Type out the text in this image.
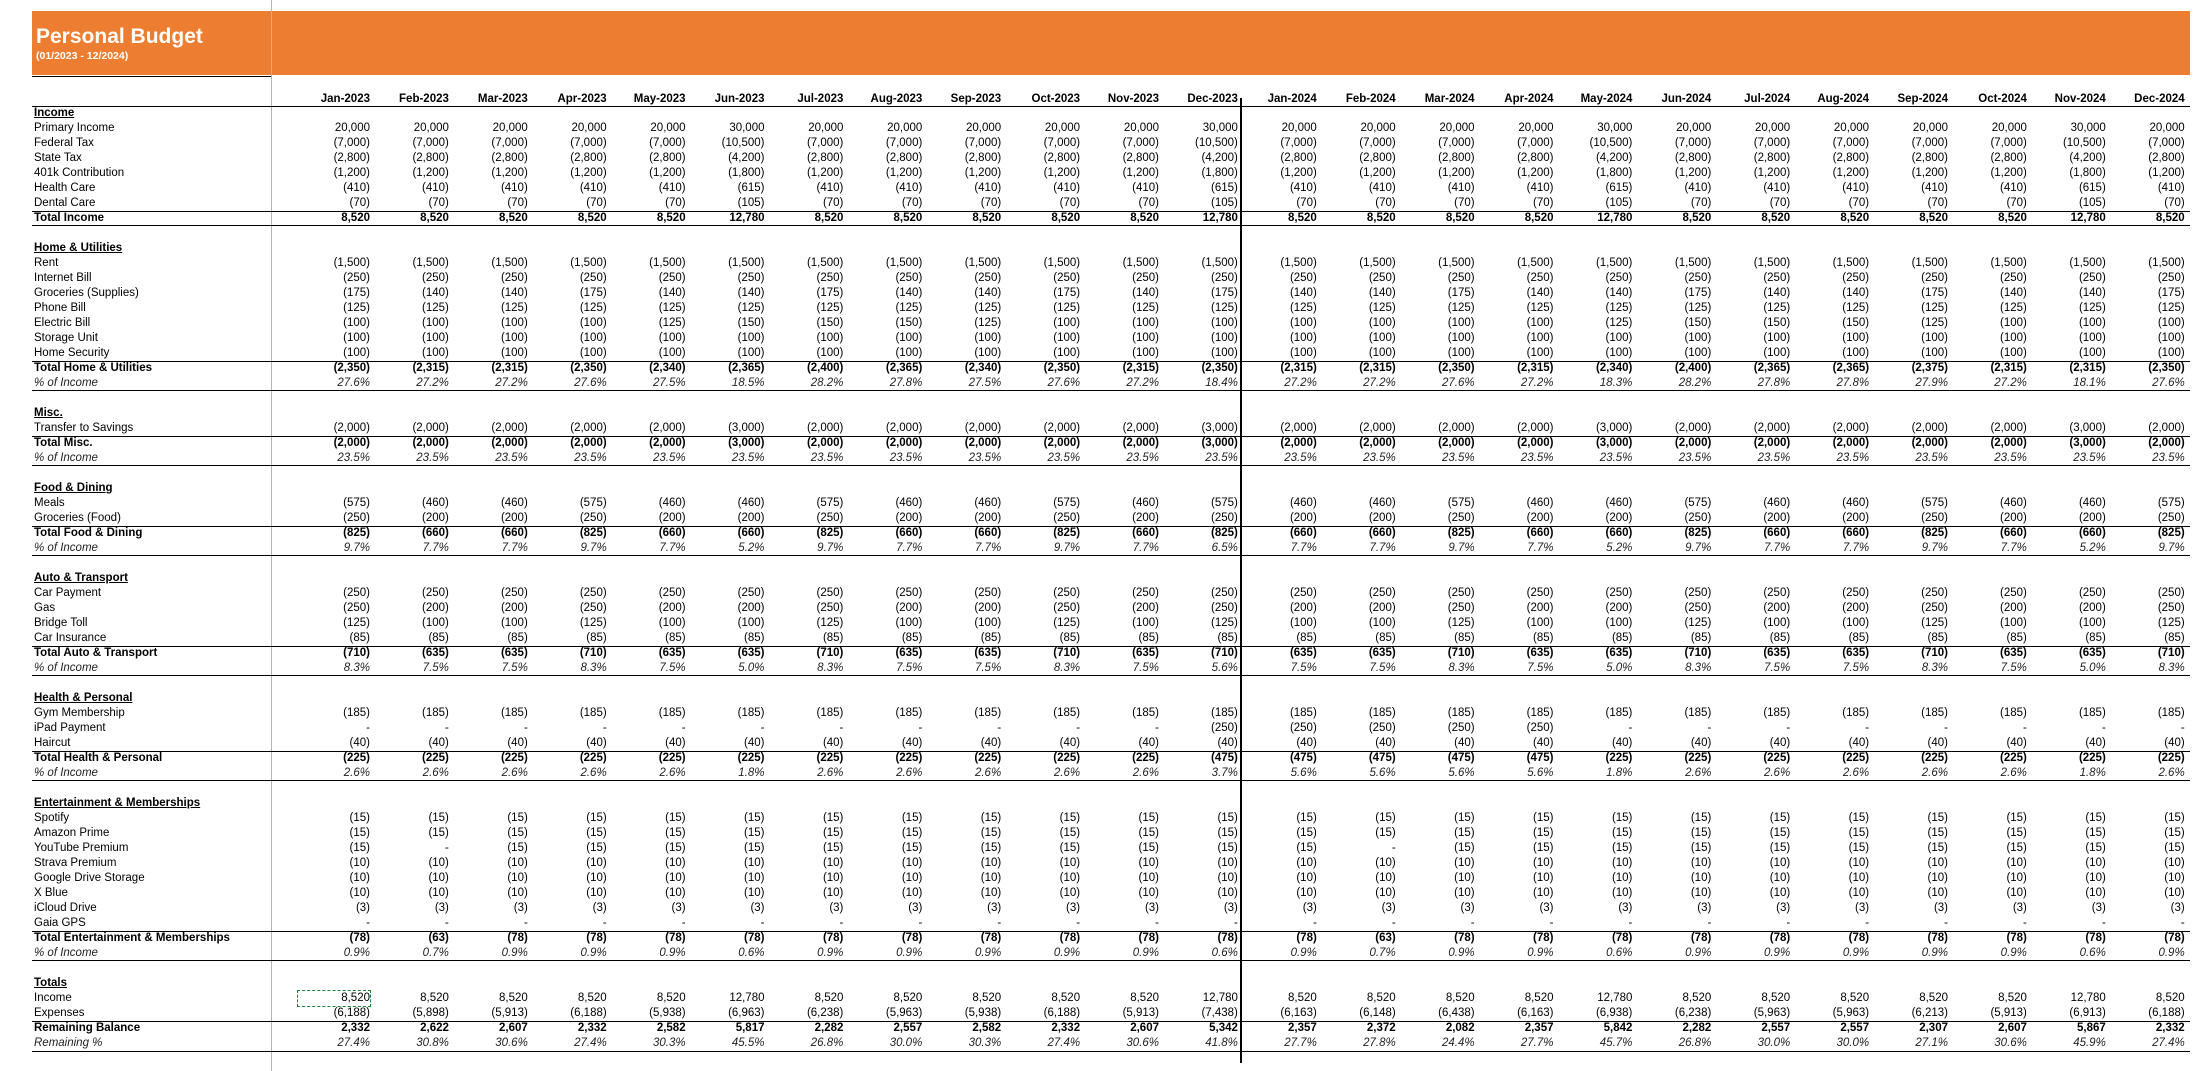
Personal Budget
(01/2023 - 12/2024)
Jan-2023	Feb-2023	Mar-2023	Apr-2023	May-2023	Jun-2023	Jul-2023	Aug-2023	Sep-2023	Oct-2023	Nov-2023	Dec-2023	Jan-2024	Feb-2024	Mar-2024	Apr-2024	May-2024	Jun-2024	Jul-2024	Aug-2024	Sep-2024	Oct-2024	Nov-2024	Dec-2024
Income
Primary Income	20,000	20,000	20,000	20,000	20,000	30,000	20,000	20,000	20,000	20,000	20,000	30,000	20,000	20,000	20,000	20,000	30,000	20,000	20,000	20,000	20,000	20,000	30,000	20,000
Federal Tax	(7,000)	(7,000)	(7,000)	(7,000)	(7,000)	(10,500)	(7,000)	(7,000)	(7,000)	(7,000)	(7,000)	(10,500)	(7,000)	(7,000)	(7,000)	(7,000)	(10,500)	(7,000)	(7,000)	(7,000)	(7,000)	(7,000)	(10,500)	(7,000)
State Tax	(2,800)	(2,800)	(2,800)	(2,800)	(2,800)	(4,200)	(2,800)	(2,800)	(2,800)	(2,800)	(2,800)	(4,200)	(2,800)	(2,800)	(2,800)	(2,800)	(4,200)	(2,800)	(2,800)	(2,800)	(2,800)	(2,800)	(4,200)	(2,800)
401k Contribution	(1,200)	(1,200)	(1,200)	(1,200)	(1,200)	(1,800)	(1,200)	(1,200)	(1,200)	(1,200)	(1,200)	(1,800)	(1,200)	(1,200)	(1,200)	(1,200)	(1,800)	(1,200)	(1,200)	(1,200)	(1,200)	(1,200)	(1,800)	(1,200)
Health Care	(410)	(410)	(410)	(410)	(410)	(615)	(410)	(410)	(410)	(410)	(410)	(615)	(410)	(410)	(410)	(410)	(615)	(410)	(410)	(410)	(410)	(410)	(615)	(410)
Dental Care	(70)	(70)	(70)	(70)	(70)	(105)	(70)	(70)	(70)	(70)	(70)	(105)	(70)	(70)	(70)	(70)	(105)	(70)	(70)	(70)	(70)	(70)	(105)	(70)
Total Income	8,520	8,520	8,520	8,520	8,520	12,780	8,520	8,520	8,520	8,520	8,520	12,780	8,520	8,520	8,520	8,520	12,780	8,520	8,520	8,520	8,520	8,520	12,780	8,520
Home & Utilities
Rent	(1,500)	(1,500)	(1,500)	(1,500)	(1,500)	(1,500)	(1,500)	(1,500)	(1,500)	(1,500)	(1,500)	(1,500)	(1,500)	(1,500)	(1,500)	(1,500)	(1,500)	(1,500)	(1,500)	(1,500)	(1,500)	(1,500)	(1,500)	(1,500)
Internet Bill	(250)	(250)	(250)	(250)	(250)	(250)	(250)	(250)	(250)	(250)	(250)	(250)	(250)	(250)	(250)	(250)	(250)	(250)	(250)	(250)	(250)	(250)	(250)	(250)
Groceries (Supplies)	(175)	(140)	(140)	(175)	(140)	(140)	(175)	(140)	(140)	(175)	(140)	(175)	(140)	(140)	(175)	(140)	(140)	(175)	(140)	(140)	(175)	(140)	(140)	(175)
Phone Bill	(125)	(125)	(125)	(125)	(125)	(125)	(125)	(125)	(125)	(125)	(125)	(125)	(125)	(125)	(125)	(125)	(125)	(125)	(125)	(125)	(125)	(125)	(125)	(125)
Electric Bill	(100)	(100)	(100)	(100)	(125)	(150)	(150)	(150)	(125)	(100)	(100)	(100)	(100)	(100)	(100)	(100)	(125)	(150)	(150)	(150)	(125)	(100)	(100)	(100)
Storage Unit	(100)	(100)	(100)	(100)	(100)	(100)	(100)	(100)	(100)	(100)	(100)	(100)	(100)	(100)	(100)	(100)	(100)	(100)	(100)	(100)	(100)	(100)	(100)	(100)
Home Security	(100)	(100)	(100)	(100)	(100)	(100)	(100)	(100)	(100)	(100)	(100)	(100)	(100)	(100)	(100)	(100)	(100)	(100)	(100)	(100)	(100)	(100)	(100)	(100)
Total Home & Utilities	(2,350)	(2,315)	(2,315)	(2,350)	(2,340)	(2,365)	(2,400)	(2,365)	(2,340)	(2,350)	(2,315)	(2,350)	(2,315)	(2,315)	(2,350)	(2,315)	(2,340)	(2,400)	(2,365)	(2,365)	(2,375)	(2,315)	(2,315)	(2,350)
% of Income	27.6%	27.2%	27.2%	27.6%	27.5%	18.5%	28.2%	27.8%	27.5%	27.6%	27.2%	18.4%	27.2%	27.2%	27.6%	27.2%	18.3%	28.2%	27.8%	27.8%	27.9%	27.2%	18.1%	27.6%
Misc.
Transfer to Savings	(2,000)	(2,000)	(2,000)	(2,000)	(2,000)	(3,000)	(2,000)	(2,000)	(2,000)	(2,000)	(2,000)	(3,000)	(2,000)	(2,000)	(2,000)	(2,000)	(3,000)	(2,000)	(2,000)	(2,000)	(2,000)	(2,000)	(3,000)	(2,000)
Total Misc.	(2,000)	(2,000)	(2,000)	(2,000)	(2,000)	(3,000)	(2,000)	(2,000)	(2,000)	(2,000)	(2,000)	(3,000)	(2,000)	(2,000)	(2,000)	(2,000)	(3,000)	(2,000)	(2,000)	(2,000)	(2,000)	(2,000)	(3,000)	(2,000)
% of Income	23.5%	23.5%	23.5%	23.5%	23.5%	23.5%	23.5%	23.5%	23.5%	23.5%	23.5%	23.5%	23.5%	23.5%	23.5%	23.5%	23.5%	23.5%	23.5%	23.5%	23.5%	23.5%	23.5%	23.5%
Food & Dining
Meals	(575)	(460)	(460)	(575)	(460)	(460)	(575)	(460)	(460)	(575)	(460)	(575)	(460)	(460)	(575)	(460)	(460)	(575)	(460)	(460)	(575)	(460)	(460)	(575)
Groceries (Food)	(250)	(200)	(200)	(250)	(200)	(200)	(250)	(200)	(200)	(250)	(200)	(250)	(200)	(200)	(250)	(200)	(200)	(250)	(200)	(200)	(250)	(200)	(200)	(250)
Total Food & Dining	(825)	(660)	(660)	(825)	(660)	(660)	(825)	(660)	(660)	(825)	(660)	(825)	(660)	(660)	(825)	(660)	(660)	(825)	(660)	(660)	(825)	(660)	(660)	(825)
% of Income	9.7%	7.7%	7.7%	9.7%	7.7%	5.2%	9.7%	7.7%	7.7%	9.7%	7.7%	6.5%	7.7%	7.7%	9.7%	7.7%	5.2%	9.7%	7.7%	7.7%	9.7%	7.7%	5.2%	9.7%
Auto & Transport
Car Payment	(250)	(250)	(250)	(250)	(250)	(250)	(250)	(250)	(250)	(250)	(250)	(250)	(250)	(250)	(250)	(250)	(250)	(250)	(250)	(250)	(250)	(250)	(250)	(250)
Gas	(250)	(200)	(200)	(250)	(200)	(200)	(250)	(200)	(200)	(250)	(200)	(250)	(200)	(200)	(250)	(200)	(200)	(250)	(200)	(200)	(250)	(200)	(200)	(250)
Bridge Toll	(125)	(100)	(100)	(125)	(100)	(100)	(125)	(100)	(100)	(125)	(100)	(125)	(100)	(100)	(125)	(100)	(100)	(125)	(100)	(100)	(125)	(100)	(100)	(125)
Car Insurance	(85)	(85)	(85)	(85)	(85)	(85)	(85)	(85)	(85)	(85)	(85)	(85)	(85)	(85)	(85)	(85)	(85)	(85)	(85)	(85)	(85)	(85)	(85)	(85)
Total Auto & Transport	(710)	(635)	(635)	(710)	(635)	(635)	(710)	(635)	(635)	(710)	(635)	(710)	(635)	(635)	(710)	(635)	(635)	(710)	(635)	(635)	(710)	(635)	(635)	(710)
% of Income	8.3%	7.5%	7.5%	8.3%	7.5%	5.0%	8.3%	7.5%	7.5%	8.3%	7.5%	5.6%	7.5%	7.5%	8.3%	7.5%	5.0%	8.3%	7.5%	7.5%	8.3%	7.5%	5.0%	8.3%
Health & Personal
Gym Membership	(185)	(185)	(185)	(185)	(185)	(185)	(185)	(185)	(185)	(185)	(185)	(185)	(185)	(185)	(185)	(185)	(185)	(185)	(185)	(185)	(185)	(185)	(185)	(185)
iPad Payment	-	-	-	-	-	-	-	-	-	-	-	(250)	(250)	(250)	(250)	(250)	-	-	-	-	-	-	-	-
Haircut	(40)	(40)	(40)	(40)	(40)	(40)	(40)	(40)	(40)	(40)	(40)	(40)	(40)	(40)	(40)	(40)	(40)	(40)	(40)	(40)	(40)	(40)	(40)	(40)
Total Health & Personal	(225)	(225)	(225)	(225)	(225)	(225)	(225)	(225)	(225)	(225)	(225)	(475)	(475)	(475)	(475)	(475)	(225)	(225)	(225)	(225)	(225)	(225)	(225)	(225)
% of Income	2.6%	2.6%	2.6%	2.6%	2.6%	1.8%	2.6%	2.6%	2.6%	2.6%	2.6%	3.7%	5.6%	5.6%	5.6%	5.6%	1.8%	2.6%	2.6%	2.6%	2.6%	2.6%	1.8%	2.6%
Entertainment & Memberships
Spotify	(15)	(15)	(15)	(15)	(15)	(15)	(15)	(15)	(15)	(15)	(15)	(15)	(15)	(15)	(15)	(15)	(15)	(15)	(15)	(15)	(15)	(15)	(15)	(15)
Amazon Prime	(15)	(15)	(15)	(15)	(15)	(15)	(15)	(15)	(15)	(15)	(15)	(15)	(15)	(15)	(15)	(15)	(15)	(15)	(15)	(15)	(15)	(15)	(15)	(15)
YouTube Premium	(15)	-	(15)	(15)	(15)	(15)	(15)	(15)	(15)	(15)	(15)	(15)	(15)	-	(15)	(15)	(15)	(15)	(15)	(15)	(15)	(15)	(15)	(15)
Strava Premium	(10)	(10)	(10)	(10)	(10)	(10)	(10)	(10)	(10)	(10)	(10)	(10)	(10)	(10)	(10)	(10)	(10)	(10)	(10)	(10)	(10)	(10)	(10)	(10)
Google Drive Storage	(10)	(10)	(10)	(10)	(10)	(10)	(10)	(10)	(10)	(10)	(10)	(10)	(10)	(10)	(10)	(10)	(10)	(10)	(10)	(10)	(10)	(10)	(10)	(10)
X Blue	(10)	(10)	(10)	(10)	(10)	(10)	(10)	(10)	(10)	(10)	(10)	(10)	(10)	(10)	(10)	(10)	(10)	(10)	(10)	(10)	(10)	(10)	(10)	(10)
iCloud Drive	(3)	(3)	(3)	(3)	(3)	(3)	(3)	(3)	(3)	(3)	(3)	(3)	(3)	(3)	(3)	(3)	(3)	(3)	(3)	(3)	(3)	(3)	(3)	(3)
Gaia GPS	-	-	-	-	-	-	-	-	-	-	-	-	-	-	-	-	-	-	-	-	-	-	-	-
Total Entertainment & Memberships	(78)	(63)	(78)	(78)	(78)	(78)	(78)	(78)	(78)	(78)	(78)	(78)	(78)	(63)	(78)	(78)	(78)	(78)	(78)	(78)	(78)	(78)	(78)	(78)
% of Income	0.9%	0.7%	0.9%	0.9%	0.9%	0.6%	0.9%	0.9%	0.9%	0.9%	0.9%	0.6%	0.9%	0.7%	0.9%	0.9%	0.6%	0.9%	0.9%	0.9%	0.9%	0.9%	0.6%	0.9%
Totals
Income	8,520	8,520	8,520	8,520	8,520	12,780	8,520	8,520	8,520	8,520	8,520	12,780	8,520	8,520	8,520	8,520	12,780	8,520	8,520	8,520	8,520	8,520	12,780	8,520
Expenses	(6,188)	(5,898)	(5,913)	(6,188)	(5,938)	(6,963)	(6,238)	(5,963)	(5,938)	(6,188)	(5,913)	(7,438)	(6,163)	(6,148)	(6,438)	(6,163)	(6,938)	(6,238)	(5,963)	(5,963)	(6,213)	(5,913)	(6,913)	(6,188)
Remaining Balance	2,332	2,622	2,607	2,332	2,582	5,817	2,282	2,557	2,582	2,332	2,607	5,342	2,357	2,372	2,082	2,357	5,842	2,282	2,557	2,557	2,307	2,607	5,867	2,332
Remaining %	27.4%	30.8%	30.6%	27.4%	30.3%	45.5%	26.8%	30.0%	30.3%	27.4%	30.6%	41.8%	27.7%	27.8%	24.4%	27.7%	45.7%	26.8%	30.0%	30.0%	27.1%	30.6%	45.9%	27.4%
